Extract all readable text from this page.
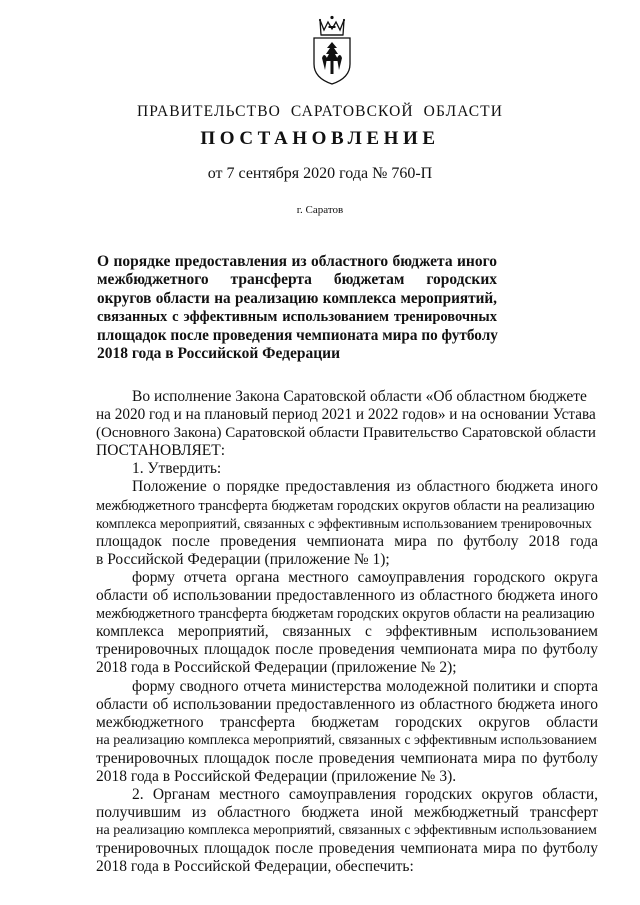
ПРАВИТЕЛЬСТВО САРАТОВСКОЙ ОБЛАСТИ
ПОСТАНОВЛЕНИЕ
от 7 сентября 2020 года № 760-П
г. Саратов
О порядке предоставления из областного бюджета иного
межбюджетного трансферта бюджетам городских
округов области на реализацию комплекса мероприятий,
связанных с эффективным использованием тренировочных
площадок после проведения чемпионата мира по футболу
2018 года в Российской Федерации
Во исполнение Закона Саратовской области «Об областном бюджете
на 2020 год и на плановый период 2021 и 2022 годов» и на основании Устава
(Основного Закона) Саратовской области Правительство Саратовской области
ПОСТАНОВЛЯЕТ:
1. Утвердить:
Положение о порядке предоставления из областного бюджета иного
межбюджетного трансферта бюджетам городских округов области на реализацию
комплекса мероприятий, связанных с эффективным использованием тренировочных
площадок после проведения чемпионата мира по футболу 2018 года
в Российской Федерации (приложение № 1);
форму отчета органа местного самоуправления городского округа
области об использовании предоставленного из областного бюджета иного
межбюджетного трансферта бюджетам городских округов области на реализацию
комплекса мероприятий, связанных с эффективным использованием
тренировочных площадок после проведения чемпионата мира по футболу
2018 года в Российской Федерации (приложение № 2);
форму сводного отчета министерства молодежной политики и спорта
области об использовании предоставленного из областного бюджета иного
межбюджетного трансферта бюджетам городских округов области
на реализацию комплекса мероприятий, связанных с эффективным использованием
тренировочных площадок после проведения чемпионата мира по футболу
2018 года в Российской Федерации (приложение № 3).
2. Органам местного самоуправления городских округов области,
получившим из областного бюджета иной межбюджетный трансферт
на реализацию комплекса мероприятий, связанных с эффективным использованием
тренировочных площадок после проведения чемпионата мира по футболу
2018 года в Российской Федерации, обеспечить:
